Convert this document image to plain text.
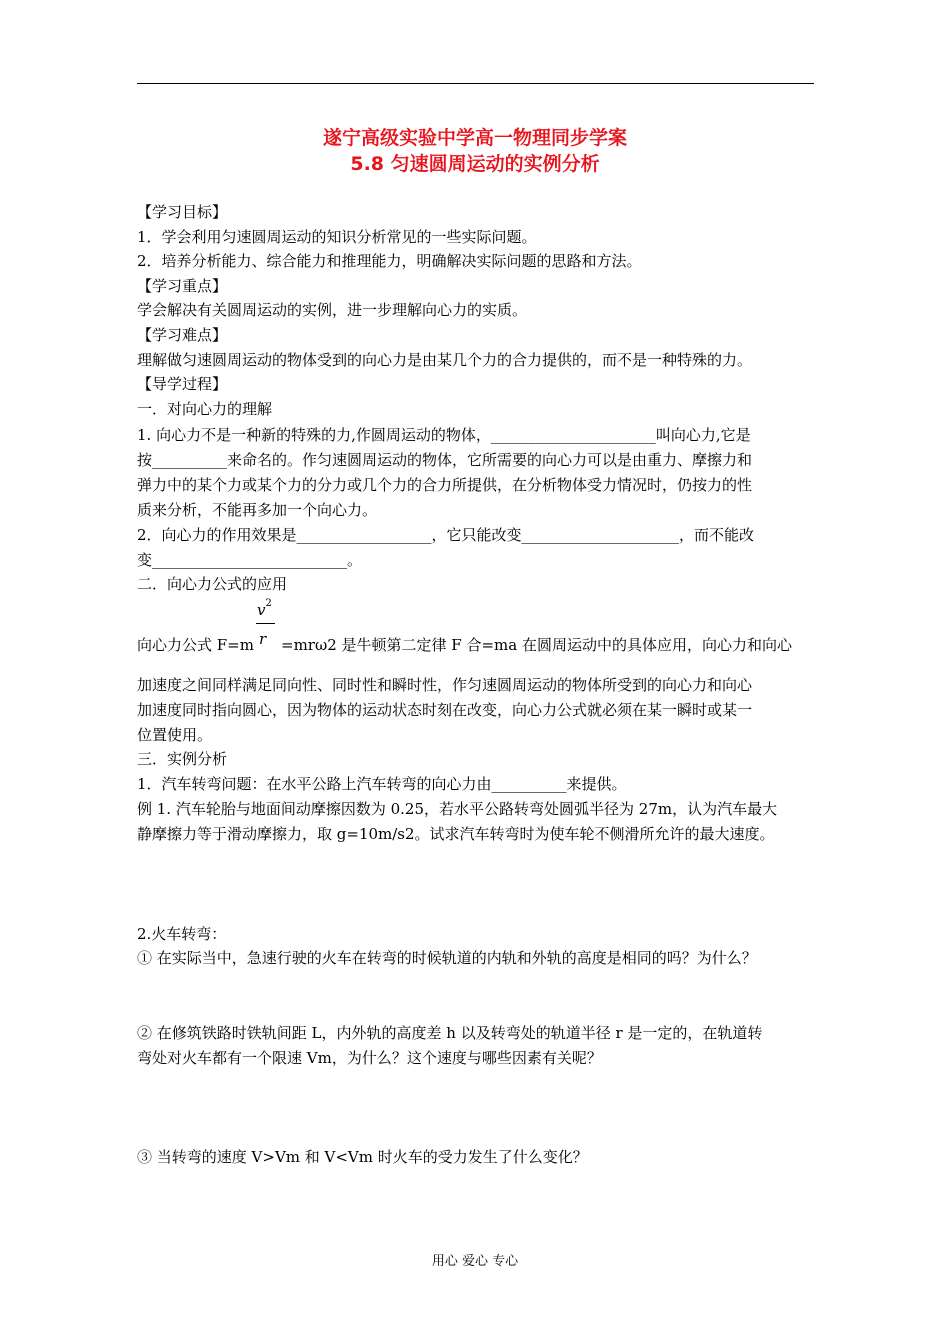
遂宁高级实验中学高一物理同步学案
5.8 匀速圆周运动的实例分析
【学习目标】
1．学会利用匀速圆周运动的知识分析常见的一些实际问题。
2．培养分析能力、综合能力和推理能力，明确解决实际问题的思路和方法。
【学习重点】
学会解决有关圆周运动的实例，进一步理解向心力的实质。
【学习难点】
理解做匀速圆周运动的物体受到的向心力是由某几个力的合力提供的，而不是一种特殊的力。
【导学过程】
一．对向心力的理解
1. 向心力不是一种新的特殊的力,作圆周运动的物体，______________________叫向心力,它是
按__________来命名的。作匀速圆周运动的物体，它所需要的向心力可以是由重力、摩擦力和
弹力中的某个力或某个力的分力或几个力的合力所提供，在分析物体受力情况时，仍按力的性
质来分析，不能再多加一个向心力。
2．向心力的作用效果是__________________，它只能改变_____________________，而不能改
变__________________________。
二．向心力公式的应用
$v^2$
r
向心力公式 F=m =mrω2 是牛顿第二定律 F 合=ma 在圆周运动中的具体应用，向心力和向心
加速度之间同样满足同向性、同时性和瞬时性，作匀速圆周运动的物体所受到的向心力和向心
加速度同时指向圆心，因为物体的运动状态时刻在改变，向心力公式就必须在某一瞬时或某一
位置使用。
三．实例分析
1．汽车转弯问题：在水平公路上汽车转弯的向心力由__________来提供。
例 1. 汽车轮胎与地面间动摩擦因数为 0.25，若水平公路转弯处圆弧半径为 27m，认为汽车最大
静摩擦力等于滑动摩擦力，取 g=10m/s2。试求汽车转弯时为使车轮不侧滑所允许的最大速度。
2.火车转弯：
① 在实际当中，急速行驶的火车在转弯的时候轨道的内轨和外轨的高度是相同的吗？为什么？
② 在修筑铁路时铁轨间距 L，内外轨的高度差 h 以及转弯处的轨道半径 r 是一定的，在轨道转
弯处对火车都有一个限速 Vm，为什么？这个速度与哪些因素有关呢？
③ 当转弯的速度 V>Vm 和 V<Vm 时火车的受力发生了什么变化？
用心 爱心 专心
